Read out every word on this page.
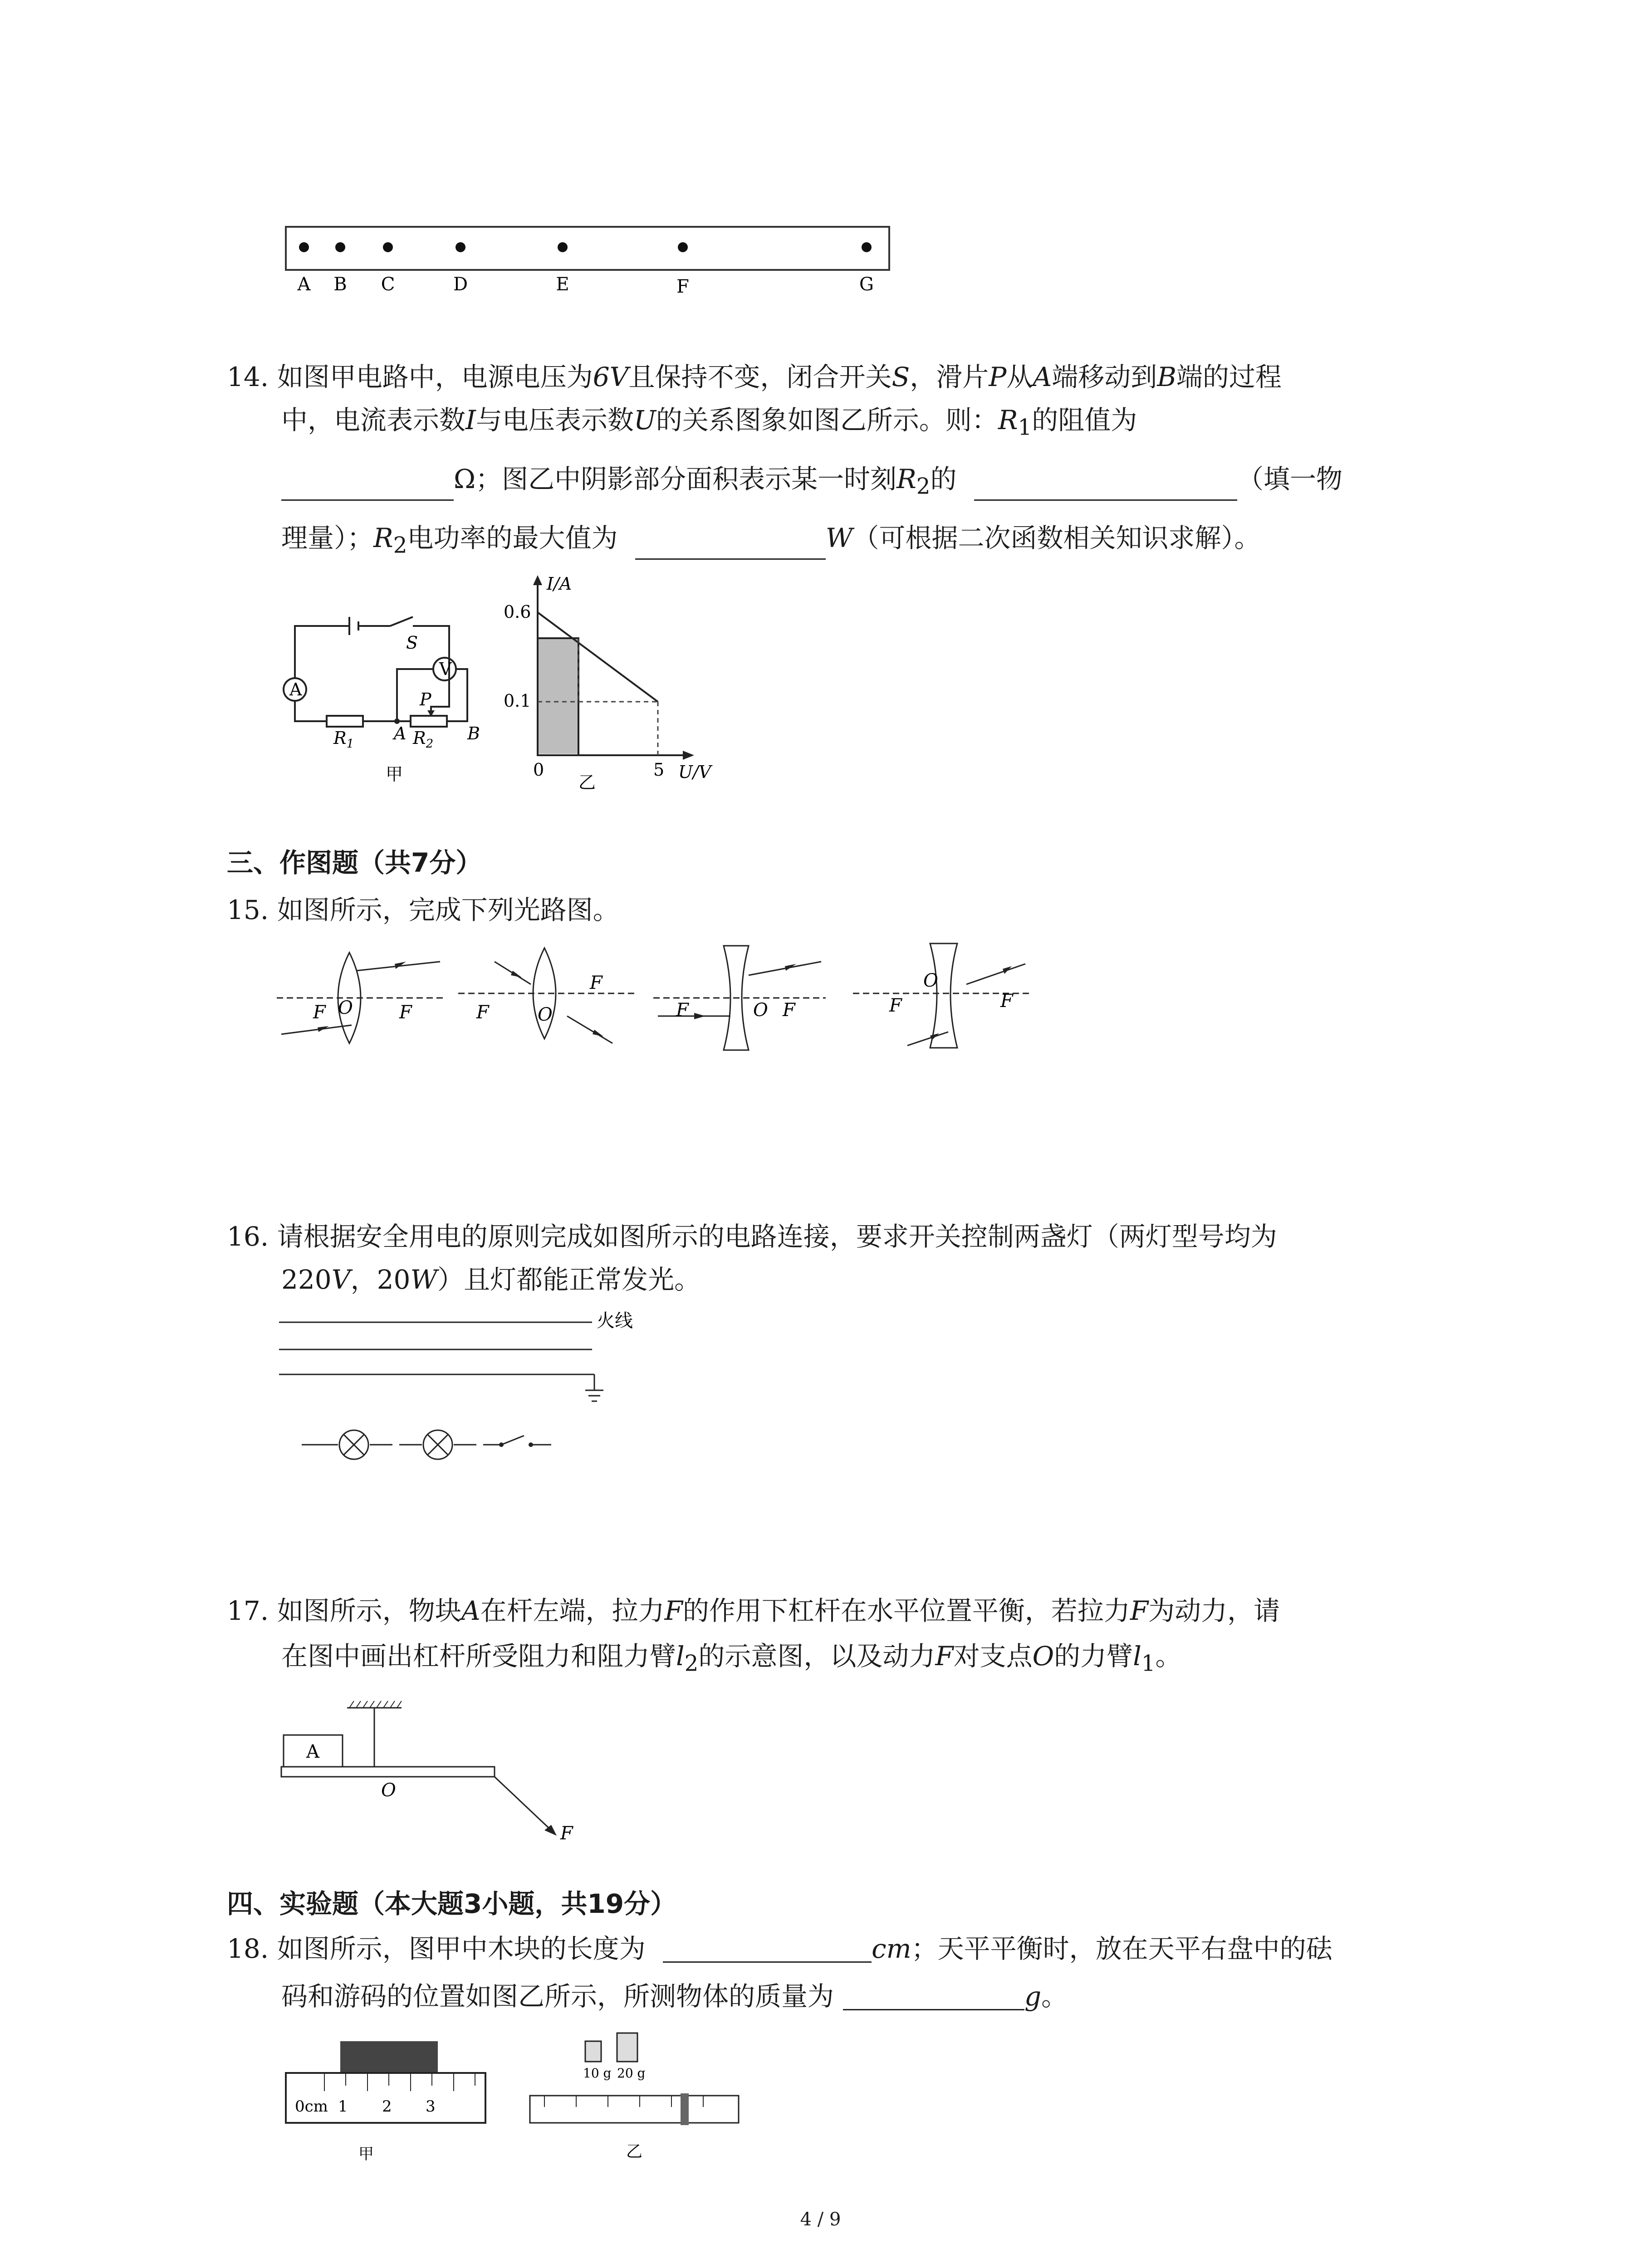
A B C	D	E	F	G
14. 如图甲电路中，电源电压为6V且保持不变，闭合开关S，滑片P从A端移动到B端的过程
中，电流表示数I与电压表示数U的关系图象如图乙所示。则：$R_1$的阻值为
Ω；图乙中阴影部分面积表示某一时刻$R_2$的	（填一物
理量）；$R_2$电功率的最大值为	W（可根据二次函数相关知识求解）。
S
V
A	P
$R_1$	$R_2$
A	B
甲
I/A
0.6
0.1
0	5 U/V
乙
三、作图题（共7分）
15. 如图所示，完成下列光路图。
F O	F	F	O
F
F	O F	F
O
F
16. 请根据安全用电的原则完成如图所示的电路连接，要求开关控制两盏灯（两灯型号均为
220V，20W）且灯都能正常发光。
火线
17. 如图所示，物块A在杆左端，拉力F的作用下杠杆在水平位置平衡，若拉力F为动力，请
在图中画出杠杆所受阻力和阻力臂$l_2$的示意图，以及动力F对支点O的力臂$l_1$。
A
O
F
四、实验题（本大题3小题，共19分）
18. 如图所示，图甲中木块的长度为	cm；天平平衡时，放在天平右盘中的砝
码和游码的位置如图乙所示，所测物体的质量为	g。
0cm 1 2 3
甲
10 g 20 g
乙
4 / 9
